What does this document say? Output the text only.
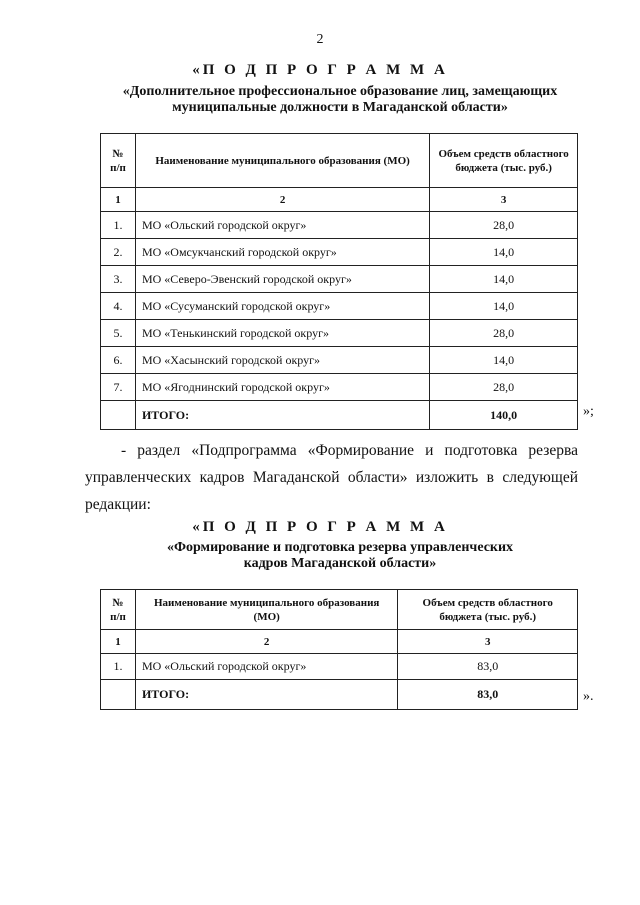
2
«П О Д П Р О Г Р А М М А
«Дополнительное профессиональное образование лиц, замещающих
муниципальные должности в Магаданской области»
№ п/п	Наименование муниципального образования (МО)	Объем средств областного бюджета (тыс. руб.)
1	2	3
1.	МО «Ольский городской округ»	28,0
2.	МО «Омсукчанский городской округ»	14,0
3.	МО «Северо-Эвенский городской округ»	14,0
4.	МО «Сусуманский городской округ»	14,0
5.	МО «Тенькинский городской округ»	28,0
6.	МО «Хасынский городской округ»	14,0
7.	МО «Ягоднинский городской округ»	28,0
	ИТОГО:	140,0	»;
- раздел «Подпрограмма «Формирование и подготовка резерва
управленческих кадров Магаданской области» изложить в следующей
редакции:
«П О Д П Р О Г Р А М М А
«Формирование и подготовка резерва управленческих
кадров Магаданской области»
№ п/п	Наименование муниципального образования (МО)	Объем средств областного бюджета (тыс. руб.)
1	2	3
1.	МО «Ольский городской округ»	83,0
	ИТОГО:	83,0	».
